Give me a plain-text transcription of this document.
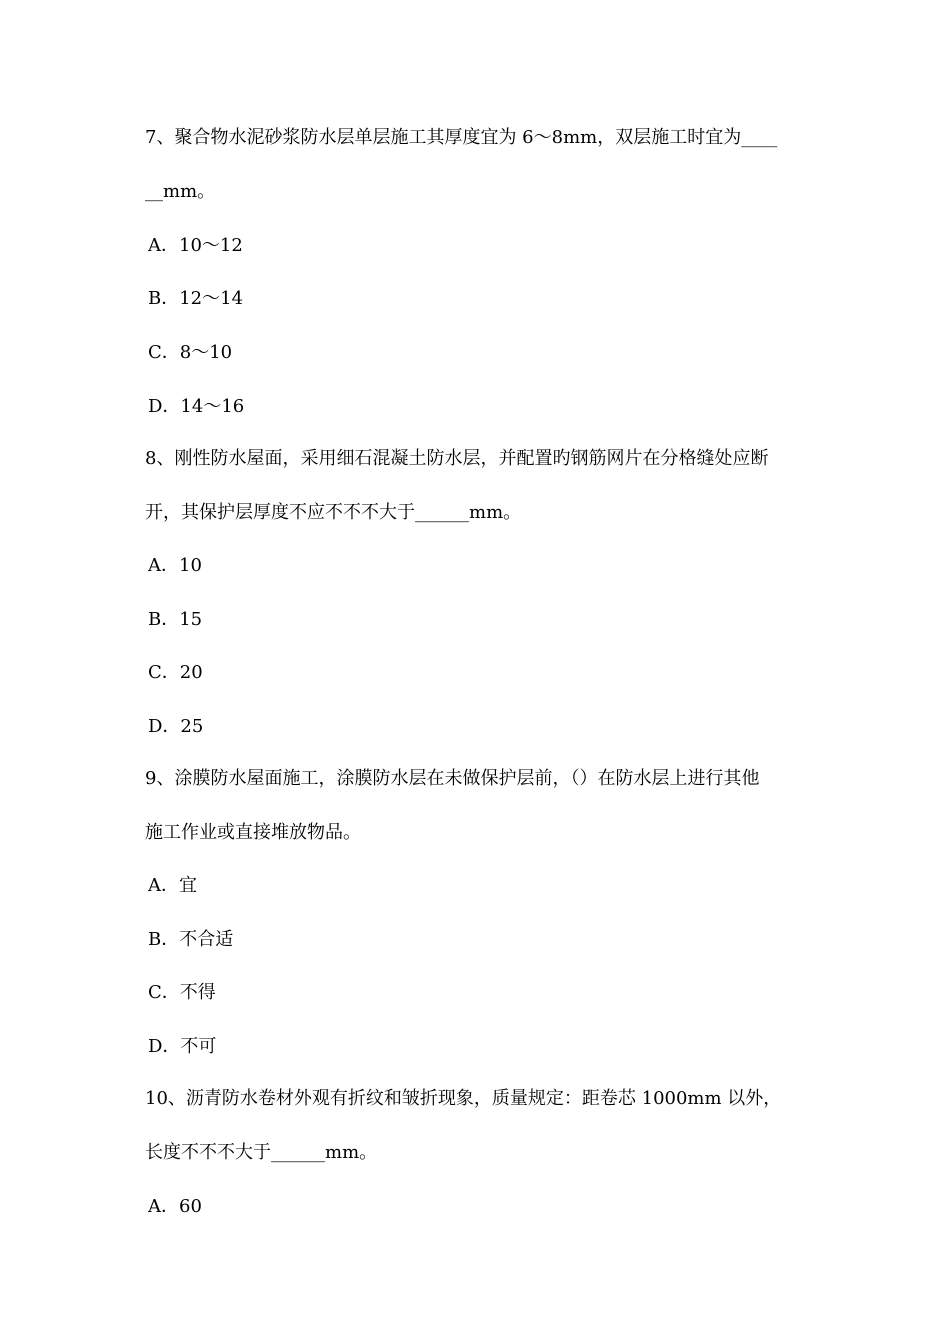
7、聚合物水泥砂浆防水层单层施工其厚度宜为 6～8mm，双层施工时宜为____
__mm。
A．10～12
B．12～14
C．8～10
D．14～16
8、刚性防水屋面，采用细石混凝土防水层，并配置旳钢筋网片在分格缝处应断
开，其保护层厚度不应不不不大于______mm。
A．10
B．15
C．20
D．25
9、涂膜防水屋面施工，涂膜防水层在未做保护层前，（）在防水层上进行其他
施工作业或直接堆放物品。
A．宜
B．不合适
C．不得
D．不可
10、沥青防水卷材外观有折纹和皱折现象，质量规定：距卷芯 1000mm 以外，
长度不不不大于______mm。
A．60
